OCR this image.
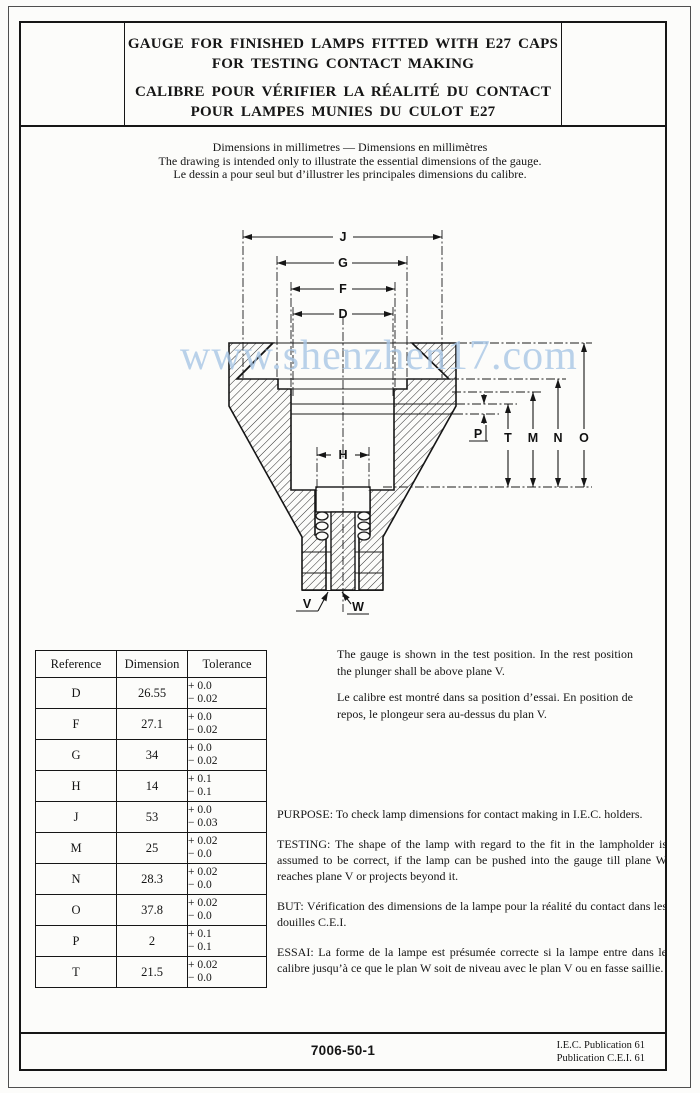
GAUGE FOR FINISHED LAMPS FITTED WITH E27 CAPS
FOR TESTING CONTACT MAKING
CALIBRE POUR VÉRIFIER LA RÉALITÉ DU CONTACT
POUR LAMPES MUNIES DU CULOT E27
Dimensions in millimetres — Dimensions en millimètres
The drawing is intended only to illustrate the essential dimensions of the gauge.
Le dessin a pour seul but d’illustrer les principales dimensions du calibre.
J
G
F
D
H
P T M N O
V	W
www.shenzhen17.com
Reference	Dimension	Tolerance
D	26.55	+ 0.0
− 0.02

F	27.1	+ 0.0
− 0.02

G	34	+ 0.0
− 0.02

H	14	+ 0.1
− 0.1

J	53	+ 0.0
− 0.03

M	25	+ 0.02
− 0.0

N	28.3	+ 0.02
− 0.0

O	37.8	+ 0.02
− 0.0

P	2	+ 0.1
− 0.1

T	21.5	+ 0.02
− 0.0

The gauge is shown in the test position. In the rest position the plunger shall be above plane V.

Le calibre est montré dans sa position d’essai. En position de repos, le plongeur sera au-dessus du plan V.

PURPOSE: To check lamp dimensions for contact making in I.E.C. holders.

TESTING: The shape of the lamp with regard to the fit in the lampholder is assumed to be correct, if the lamp can be pushed into the gauge till plane W reaches plane V or projects beyond it.

BUT: Vérification des dimensions de la lampe pour la réalité du contact dans les douilles C.E.I.

ESSAI: La forme de la lampe est présumée correcte si la lampe entre dans le calibre jusqu’à ce que le plan W soit de niveau avec le plan V ou en fasse saillie.

7006-50-1	I.E.C. Publication 61
Publication C.E.I. 61
